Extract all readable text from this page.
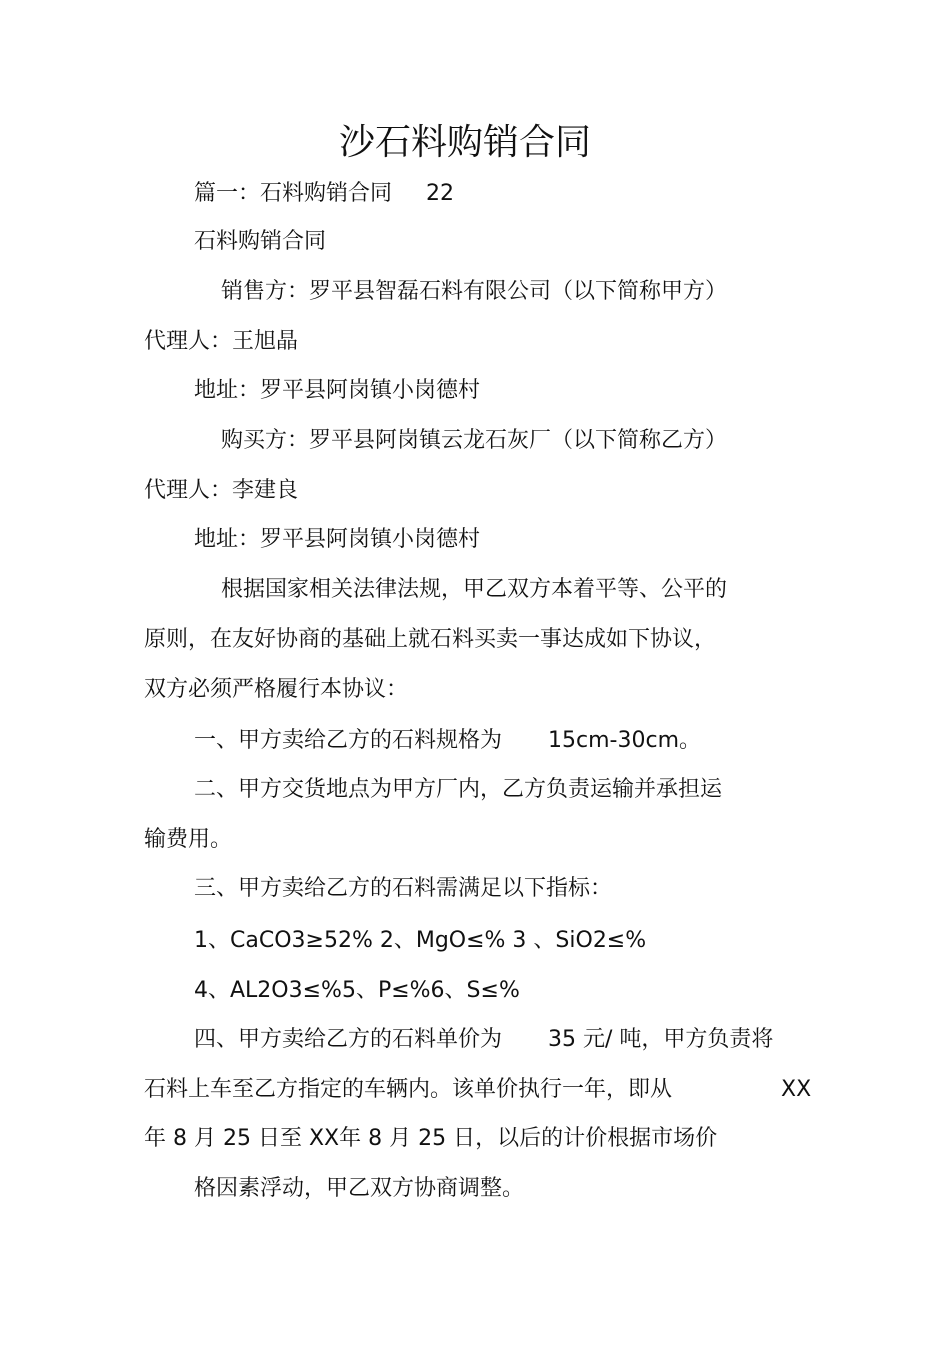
沙石料购销合同
篇一：石料购销合同 22
石料购销合同
销售方：罗平县智磊石料有限公司（以下简称甲方）
代理人：王旭晶
地址：罗平县阿岗镇小岗德村
购买方：罗平县阿岗镇云龙石灰厂（以下简称乙方）
代理人：李建良
地址：罗平县阿岗镇小岗德村
根据国家相关法律法规，甲乙双方本着平等、公平的
原则，在友好协商的基础上就石料买卖一事达成如下协议，
双方必须严格履行本协议：
一、甲方卖给乙方的石料规格为 15cm-30cm。
二、甲方交货地点为甲方厂内，乙方负责运输并承担运
输费用。
三、甲方卖给乙方的石料需满足以下指标：
1、CaCO3≥52% 2、MgO≤% 3 、SiO2≤%
4、AL2O3≤%5、P≤%6、S≤%
四、甲方卖给乙方的石料单价为 35 元/ 吨，甲方负责将
石料上车至乙方指定的车辆内。该单价执行一年，即从	XX
年 8 月 25 日至 XX年 8 月 25 日，以后的计价根据市场价
格因素浮动，甲乙双方协商调整。
